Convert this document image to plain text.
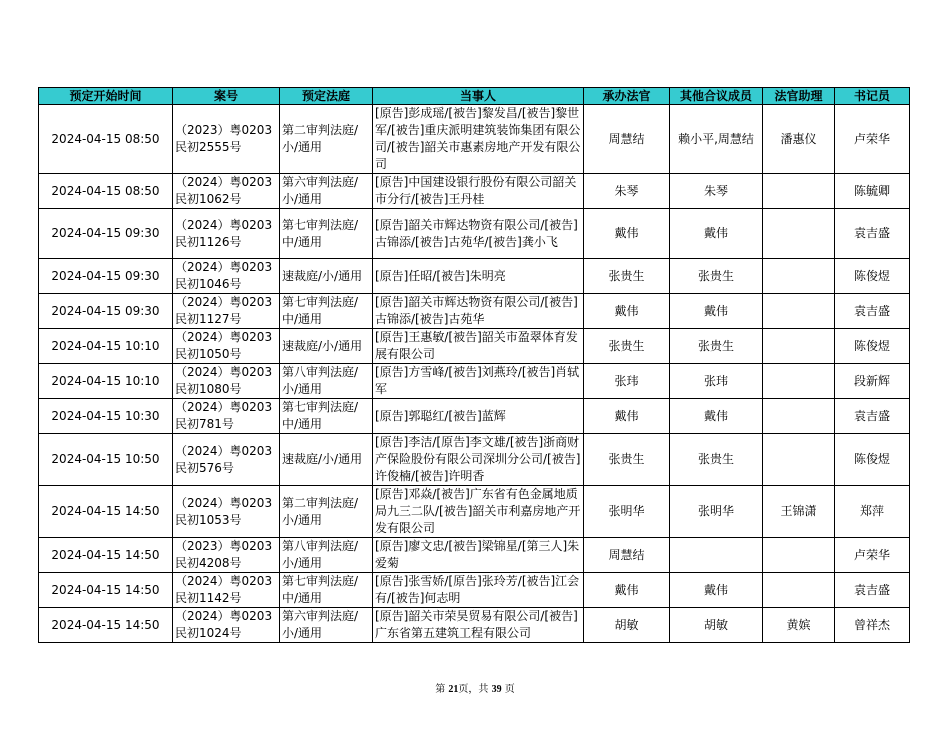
预定开始时间	案号	预定法庭	当事人	承办法官	其他合议成员	法官助理	书记员
2024-04-15 08:50	（2023）粤0203民初2555号	第二审判法庭/小/通用	[原告]彭成瑶/[被告]黎发昌/[被告]黎世军/[被告]重庆派明建筑装饰集团有限公司/[被告]韶关市惠素房地产开发有限公司	周慧结	赖小平,周慧结	潘惠仪	卢荣华
2024-04-15 08:50	（2024）粤0203民初1062号	第六审判法庭/小/通用	[原告]中国建设银行股份有限公司韶关市分行/[被告]王丹桂	朱琴	朱琴		陈毓卿
2024-04-15 09:30	（2024）粤0203民初1126号	第七审判法庭/中/通用	[原告]韶关市辉达物资有限公司/[被告]古锦添/[被告]古苑华/[被告]龚小飞	戴伟	戴伟		袁吉盛
2024-04-15 09:30	（2024）粤0203民初1046号	速裁庭/小/通用	[原告]任昭/[被告]朱明亮	张贵生	张贵生		陈俊煜
2024-04-15 09:30	（2024）粤0203民初1127号	第七审判法庭/中/通用	[原告]韶关市辉达物资有限公司/[被告]古锦添/[被告]古苑华	戴伟	戴伟		袁吉盛
2024-04-15 10:10	（2024）粤0203民初1050号	速裁庭/小/通用	[原告]王惠敏/[被告]韶关市盈翠体育发展有限公司	张贵生	张贵生		陈俊煜
2024-04-15 10:10	（2024）粤0203民初1080号	第八审判法庭/小/通用	[原告]方雪峰/[被告]刘燕玲/[被告]肖轼军	张玮	张玮		段新辉
2024-04-15 10:30	（2024）粤0203民初781号	第七审判法庭/中/通用	[原告]郭聪红/[被告]蓝辉	戴伟	戴伟		袁吉盛
2024-04-15 10:50	（2024）粤0203民初576号	速裁庭/小/通用	[原告]李洁/[原告]李文雄/[被告]浙商财产保险股份有限公司深圳分公司/[被告]许俊楠/[被告]许明香	张贵生	张贵生		陈俊煜
2024-04-15 14:50	（2024）粤0203民初1053号	第二审判法庭/小/通用	[原告]邓焱/[被告]广东省有色金属地质局九三二队/[被告]韶关市利嘉房地产开发有限公司	张明华	张明华	王锦潇	郑萍
2024-04-15 14:50	（2023）粤0203民初4208号	第八审判法庭/小/通用	[原告]廖文忠/[被告]梁锦星/[第三人]朱爱菊	周慧结			卢荣华
2024-04-15 14:50	（2024）粤0203民初1142号	第七审判法庭/中/通用	[原告]张雪娇/[原告]张玲芳/[被告]江会有/[被告]何志明	戴伟	戴伟		袁吉盛
2024-04-15 14:50	（2024）粤0203民初1024号	第六审判法庭/小/通用	[原告]韶关市荣昊贸易有限公司/[被告]广东省第五建筑工程有限公司	胡敏	胡敏	黄嫔	曾祥杰
第 21页，共 39 页
